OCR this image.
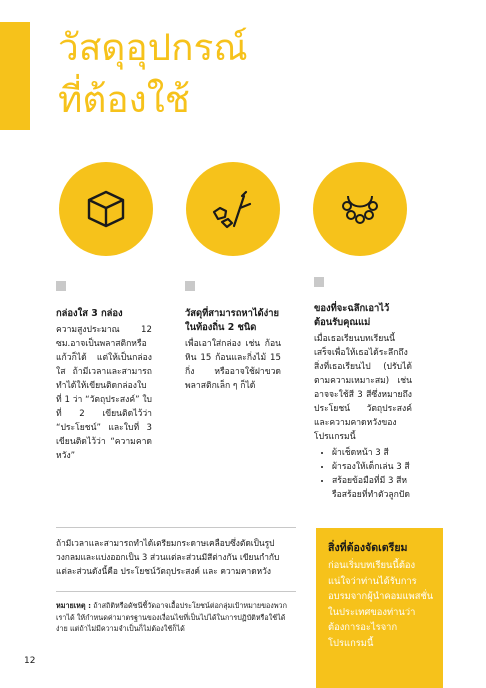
วัสดุอุปกรณ์
ที่ต้องใช้
กล่องใส 3 กล่อง

ความสูงประมาณ 12 ซม.อาจเป็นพลาสติกหรือแก้วก็ได้ แต่ให้เป็นกล่องใส ถ้ามีเวลาและสามารถทำได้ให้เขียนติดกล่องใบที่ 1 ว่า “วัตถุประสงค์” ใบที่ 2 เขียนติดไว้ว่า “ประโยชน์” และใบที่ 3 เขียนติดไว้ว่า “ความคาดหวัง”

วัสดุที่สามารถหาได้ง่ายในท้องถิ่น 2 ชนิด

เพื่อเอาใส่กล่อง เช่น ก้อนหิน 15 ก้อนและกิ่งไม้ 15 กิ่ง หรืออาจใช้ฝาขวดพลาสติกเล็ก ๆ ก็ได้

ของที่จะฉลึกเอาไว้ต้อนรับคุณแม่

เมื่อเธอเรียนบทเรียนนี้เสร็จเพื่อให้เธอได้ระลึกถึงสิ่งที่เธอเรียนไป (ปรับได้ตามความเหมาะสม) เช่น อาจจะใช้สี 3 สีซึ่งหมายถึงประโยชน์ วัตถุประสงค์และความคาดหวังของโปรแกรมนี้

• ผ้าเช็ดหน้า 3 สี
• ผ้ารองให้เด็กเล่น 3 สี
• สร้อยข้อมือที่มี 3 สีหรือสร้อยที่ทำตัวลูกปัด

ถ้ามีเวลาและสามารถทำได้เตรียมกระดาษเคลือบซึ่งตัดเป็นรูปวงกลมและแบ่งออกเป็น 3 ส่วนแต่ละส่วนมีสีต่างกัน เขียนกำกับแต่ละส่วนดังนี้คือ ประโยชน์วัตถุประสงค์ และ ความคาดหวัง

หมายเหตุ : ถ้าสถิติหรือดัชนีชี้วัดอาจเอื้อประโยชน์ต่อกลุ่มเป้าหมายของพวกเราได้ ให้กำหนดค่ามาตรฐานของเงื่อนไขที่เป็นไปได้ในการปฏิบัติหรือใช้ได้ง่าย แต่ถ้าไม่มีความจำเป็นก็ไม่ต้องใช้ก็ได้

สิ่งที่ต้องจัดเตรียม

ก่อนเริ่มบทเรียนนี้ต้องแน่ใจว่าท่านได้รับการอบรมจากผู้นำคอมแพสชั่นในประเทศของท่านว่าต้องการอะไรจากโปรแกรมนี้

12
